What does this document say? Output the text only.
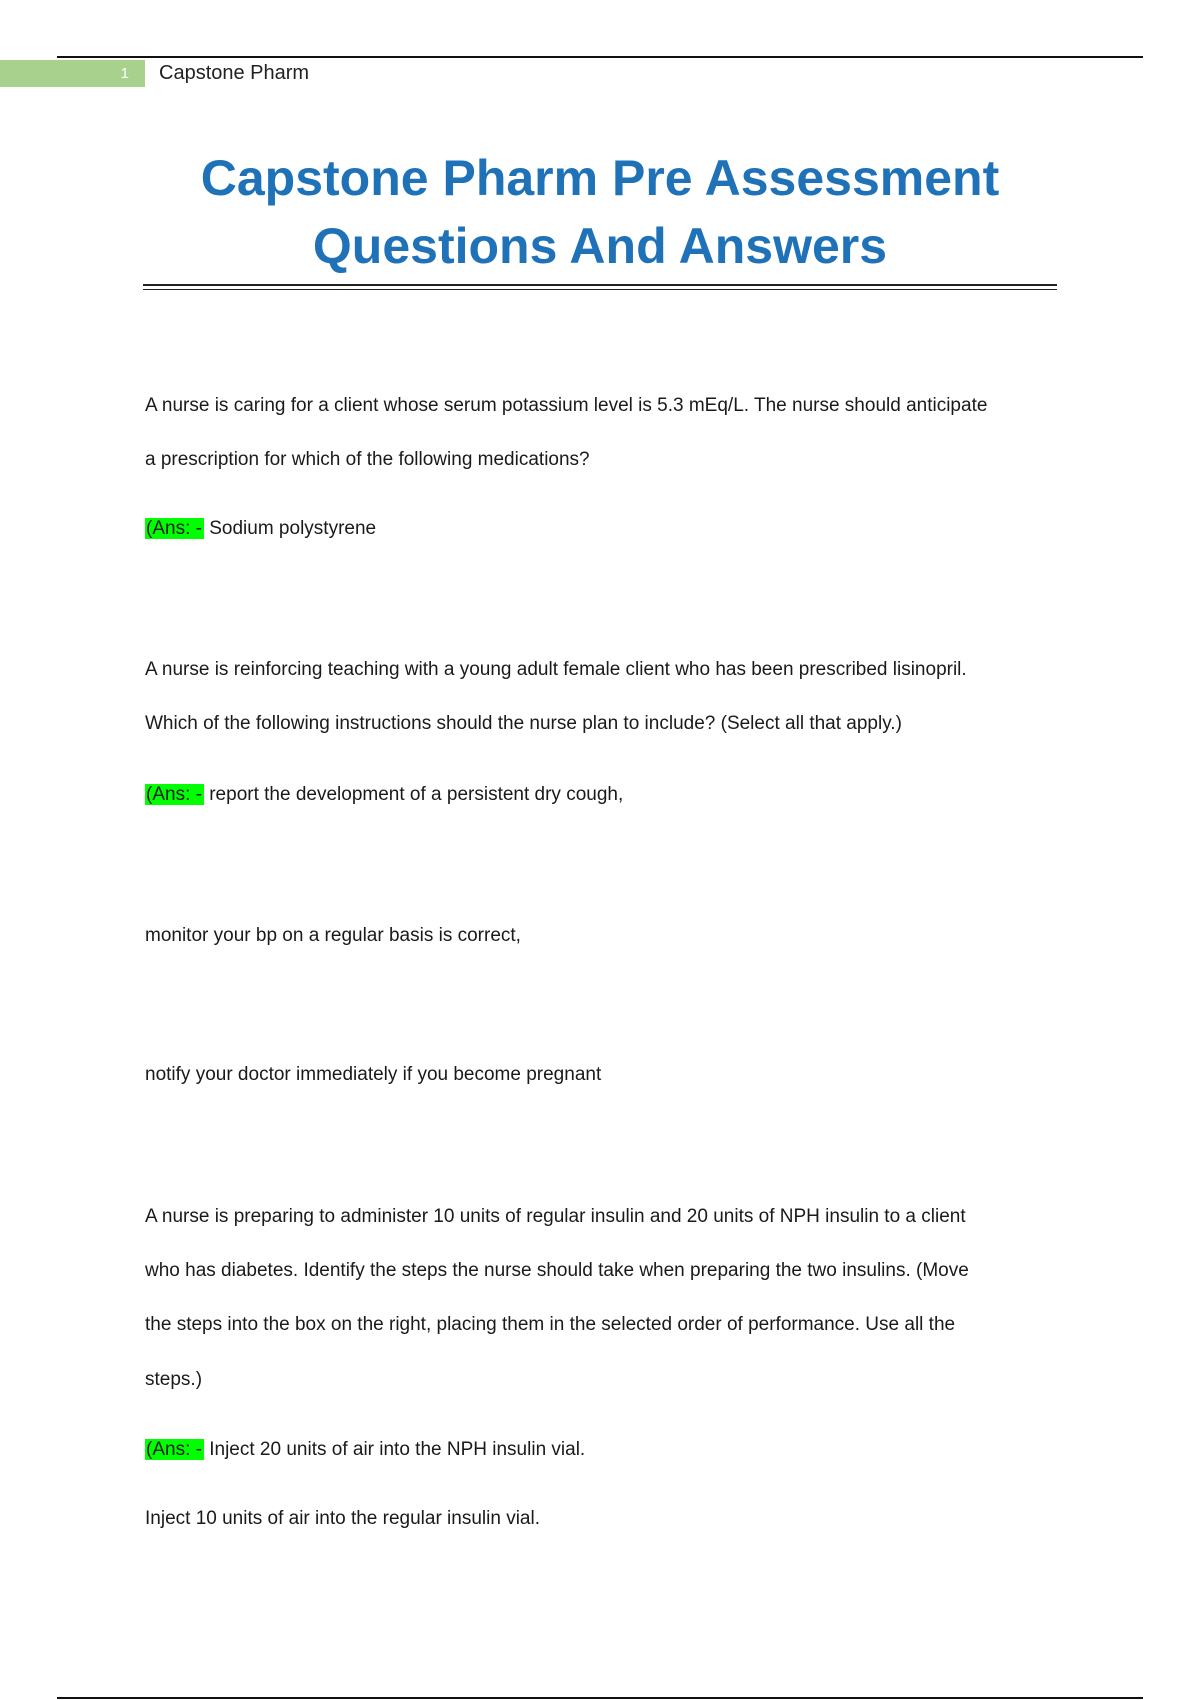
1	Capstone Pharm
Capstone Pharm Pre Assessment
Questions And Answers
A nurse is caring for a client whose serum potassium level is 5.3 mEq/L. The nurse should anticipate
a prescription for which of the following medications?
(Ans: - Sodium polystyrene
A nurse is reinforcing teaching with a young adult female client who has been prescribed lisinopril.
Which of the following instructions should the nurse plan to include? (Select all that apply.)
(Ans: - report the development of a persistent dry cough,
monitor your bp on a regular basis is correct,
notify your doctor immediately if you become pregnant
A nurse is preparing to administer 10 units of regular insulin and 20 units of NPH insulin to a client
who has diabetes. Identify the steps the nurse should take when preparing the two insulins. (Move
the steps into the box on the right, placing them in the selected order of performance. Use all the
steps.)
(Ans: - Inject 20 units of air into the NPH insulin vial.
Inject 10 units of air into the regular insulin vial.
